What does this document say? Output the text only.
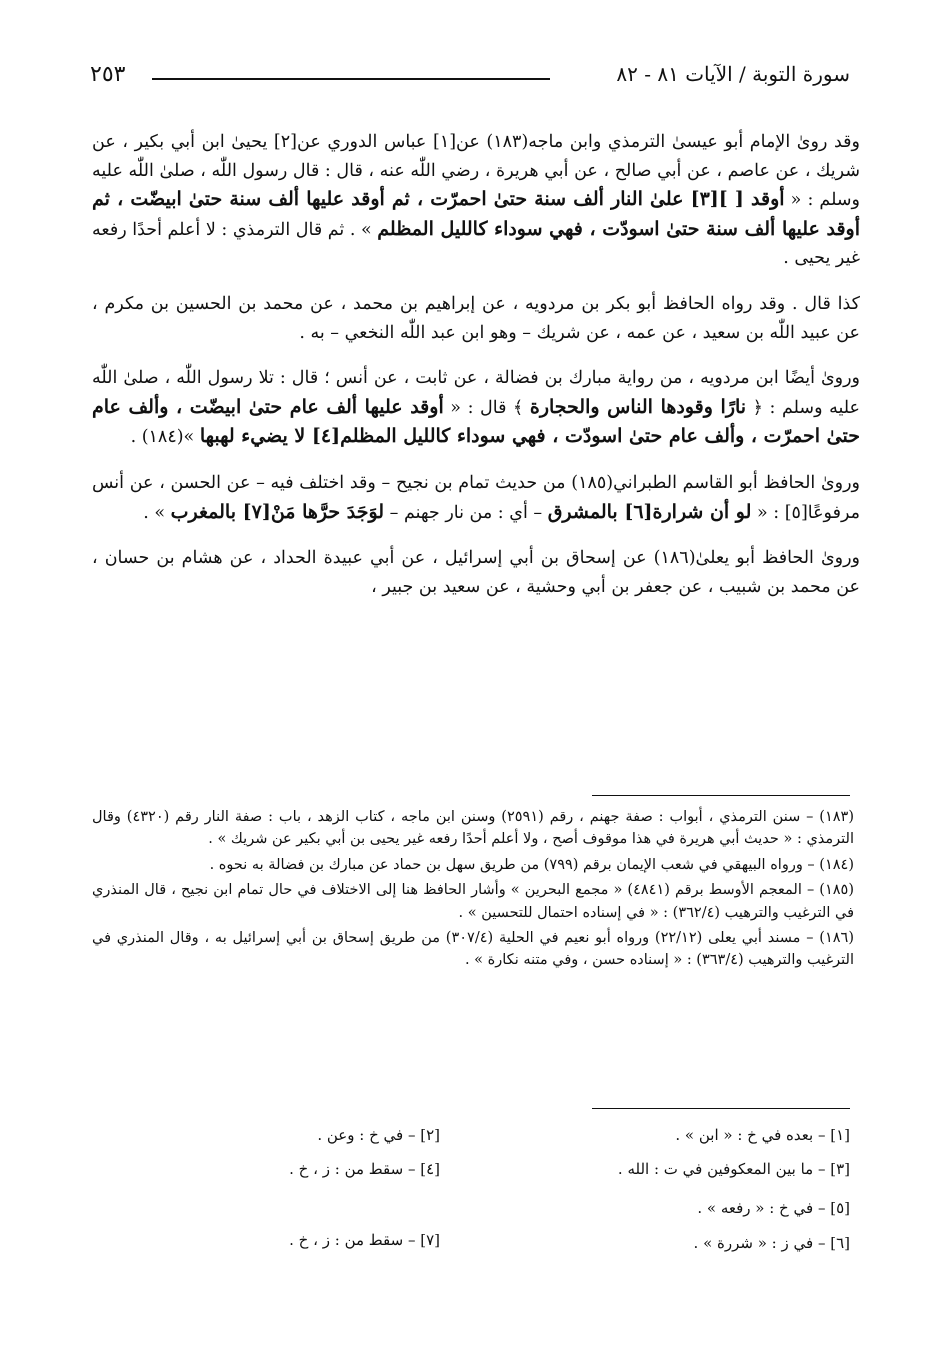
سورة التوبة / الآيات ٨١ - ٨٢
٢٥٣

وقد روىٰ الإمام أبو عيسىٰ الترمذي وابن ماجه(١٨٣) عن[١] عباس الدوري عن[٢] يحيىٰ ابن أبي بكير ، عن شريك ، عن عاصم ، عن أبي صالح ، عن أبي هريرة ، رضي اللّٰه عنه ، قال : قال رسول اللّٰه ، صلىٰ اللّٰه عليه وسلم : « أوقد [ ][٣] علىٰ النار ألف سنة حتىٰ احمرّت ، ثم أوقد عليها ألف سنة حتىٰ ابيضّت ، ثم أوقد عليها ألف سنة حتىٰ اسودّت ، فهي سوداء كالليل المظلم » . ثم قال الترمذي : لا أعلم أحدًا رفعه غير يحيى .

كذا قال . وقد رواه الحافظ أبو بكر بن مردويه ، عن إبراهيم بن محمد ، عن محمد بن الحسين بن مكرم ، عن عبيد اللّٰه بن سعيد ، عن عمه ، عن شريك – وهو ابن عبد اللّٰه النخعي – به .

وروىٰ أيضًا ابن مردويه ، من رواية مبارك بن فضالة ، عن ثابت ، عن أنس ؛ قال : تلا رسول اللّٰه ، صلىٰ اللّٰه عليه وسلم : ﴿ نارًا وقودها الناس والحجارة ﴾ قال : « أوقد عليها ألف عام حتىٰ ابيضّت ، وألف عام حتىٰ احمرّت ، وألف عام حتىٰ اسودّت ، فهي سوداء كالليل المظلم[٤] لا يضيء لهبها »(١٨٤) .

وروىٰ الحافظ أبو القاسم الطبراني(١٨٥) من حديث تمام بن نجيح – وقد اختلف فيه – عن الحسن ، عن أنس مرفوعًا[٥] : « لو أن شرارة[٦] بالمشرق – أي : من نار جهنم – لوَجَدَ حرَّها مَنْ[٧] بالمغرب » .

وروىٰ الحافظ أبو يعلىٰ(١٨٦) عن إسحاق بن أبي إسرائيل ، عن أبي عبيدة الحداد ، عن هشام بن حسان ، عن محمد بن شبيب ، عن جعفر بن أبي وحشية ، عن سعيد بن جبير ،

(١٨٣) – سنن الترمذي ، أبواب : صفة جهنم ، رقم (٢٥٩١) وسنن ابن ماجه ، كتاب الزهد ، باب : صفة النار رقم (٤٣٢٠) وقال الترمذي : « حديث أبي هريرة في هذا موقوف أصح ، ولا أعلم أحدًا رفعه غير يحيى بن أبي بكير عن شريك » .

(١٨٤) – ورواه البيهقي في شعب الإيمان برقم (٧٩٩) من طريق سهل بن حماد عن مبارك بن فضالة به نحوه .

(١٨٥) – المعجم الأوسط برقم (٤٨٤١) « مجمع البحرين » وأشار الحافظ هنا إلى الاختلاف في حال تمام ابن نجيح ، قال المنذري في الترغيب والترهيب (٣٦٢/٤) : « في إسناده احتمال للتحسين » .

(١٨٦) – مسند أبي يعلى (٢٢/١٢) ورواه أبو نعيم في الحلية (٣٠٧/٤) من طريق إسحاق بن أبي إسرائيل به ، وقال المنذري في الترغيب والترهيب (٣٦٣/٤) : « إسناده حسن ، وفي متنه نكارة » .

[١] – بعده في خ : « ابن » .
[٢] – في خ : وعن .
[٣] – ما بين المعكوفين في ت : الله .
[٤] – سقط من : ز ، خ .
[٥] – في خ : « رفعه » .
[٦] – في ز : « شررة » .
[٧] – سقط من : ز ، خ .
